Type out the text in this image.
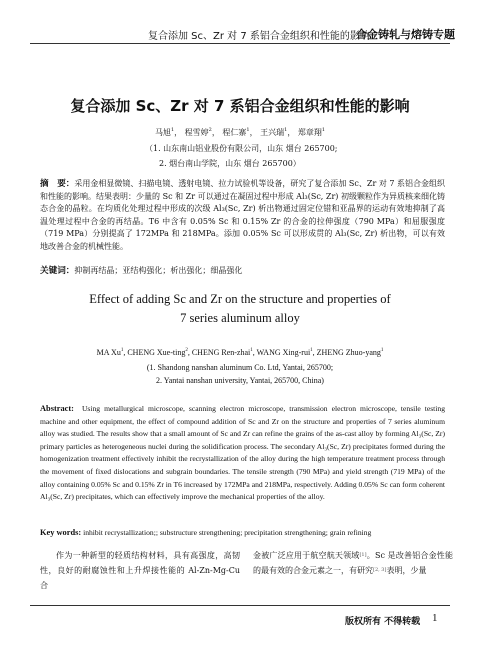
复合添加 Sc、Zr 对 7 系铝合金组织和性能的影响
合金铸轧与熔铸专题
复合添加 Sc、Zr 对 7 系铝合金组织和性能的影响
马旭$^1$， 程雪婷$^2$， 程仁寨$^1$， 王兴瑞$^1$， 郑章翔$^1$
（1. 山东南山铝业股份有限公司，山东 烟台 265700;
2. 烟台南山学院，山东 烟台 265700）
摘　要：采用金相显微镜、扫描电镜、透射电镜、拉力试验机等设备，研究了复合添加 Sc、Zr 对 7 系铝合金组织和性能的影响。结果表明：少量的 Sc 和 Zr 可以通过在凝固过程中形成 Al₃(Sc, Zr) 初级颗粒作为异质核来细化铸态合金的晶粒。在均质化处理过程中形成的次级 Al₃(Sc, Zr) 析出物通过固定位错和亚晶界的运动有效地抑制了高温处理过程中合金的再结晶。T6 中含有 0.05% Sc 和 0.15% Zr 的合金的拉伸强度（790 MPa）和屈服强度（719 MPa）分别提高了 172MPa 和 218MPa。添加 0.05% Sc 可以形成贯的 Al₃(Sc, Zr) 析出物，可以有效地改善合金的机械性能。
关键词：抑制再结晶；亚结构强化；析出强化；细晶强化
Effect of adding Sc and Zr on the structure and properties of
7 series aluminum alloy
MA Xu$^1$, CHENG Xue-ting$^2$, CHENG Ren-zhai$^1$, WANG Xing-rui$^1$, ZHENG Zhuo-yang$^1$
(1. Shandong nanshan aluminum Co. Ltd, Yantai, 265700;
2. Yantai nanshan university, Yantai, 265700, China)
Abstract: Using metallurgical microscope, scanning electron microscope, transmission electron microscope, tensile testing machine and other equipment, the effect of compound addition of Sc and Zr on the structure and properties of 7 series aluminum alloy was studied. The results show that a small amount of Sc and Zr can refine the grains of the as-cast alloy by forming Al₃(Sc, Zr) primary particles as heterogeneous nuclei during the solidification process. The secondary Al₃(Sc, Zr) precipitates formed during the homogenization treatment effectively inhibit the recrystallization of the alloy during the high temperature treatment process through the movement of fixed dislocations and subgrain boundaries. The tensile strength (790 MPa) and yield strength (719 MPa) of the alloy containing 0.05% Sc and 0.15% Zr in T6 increased by 172MPa and 218MPa, respectively. Adding 0.05% Sc can form coherent Al₃(Sc, Zr) precipitates, which can effectively improve the mechanical properties of the alloy.
Key words: inhibit recrystallization;; substructure strengthening; precipitation strengthening; grain refining
作为一种新型的轻质结构材料，具有高强度，高韧性，良好的耐腐蚀性和上升焊接性能的 Al-Zn-Mg-Cu 合
金被广泛应用于航空航天领域[1]。Sc 是改善铝合金性能的最有效的合金元素之一，有研究[2, 3]表明，少量
版权所有 不得转载 1
